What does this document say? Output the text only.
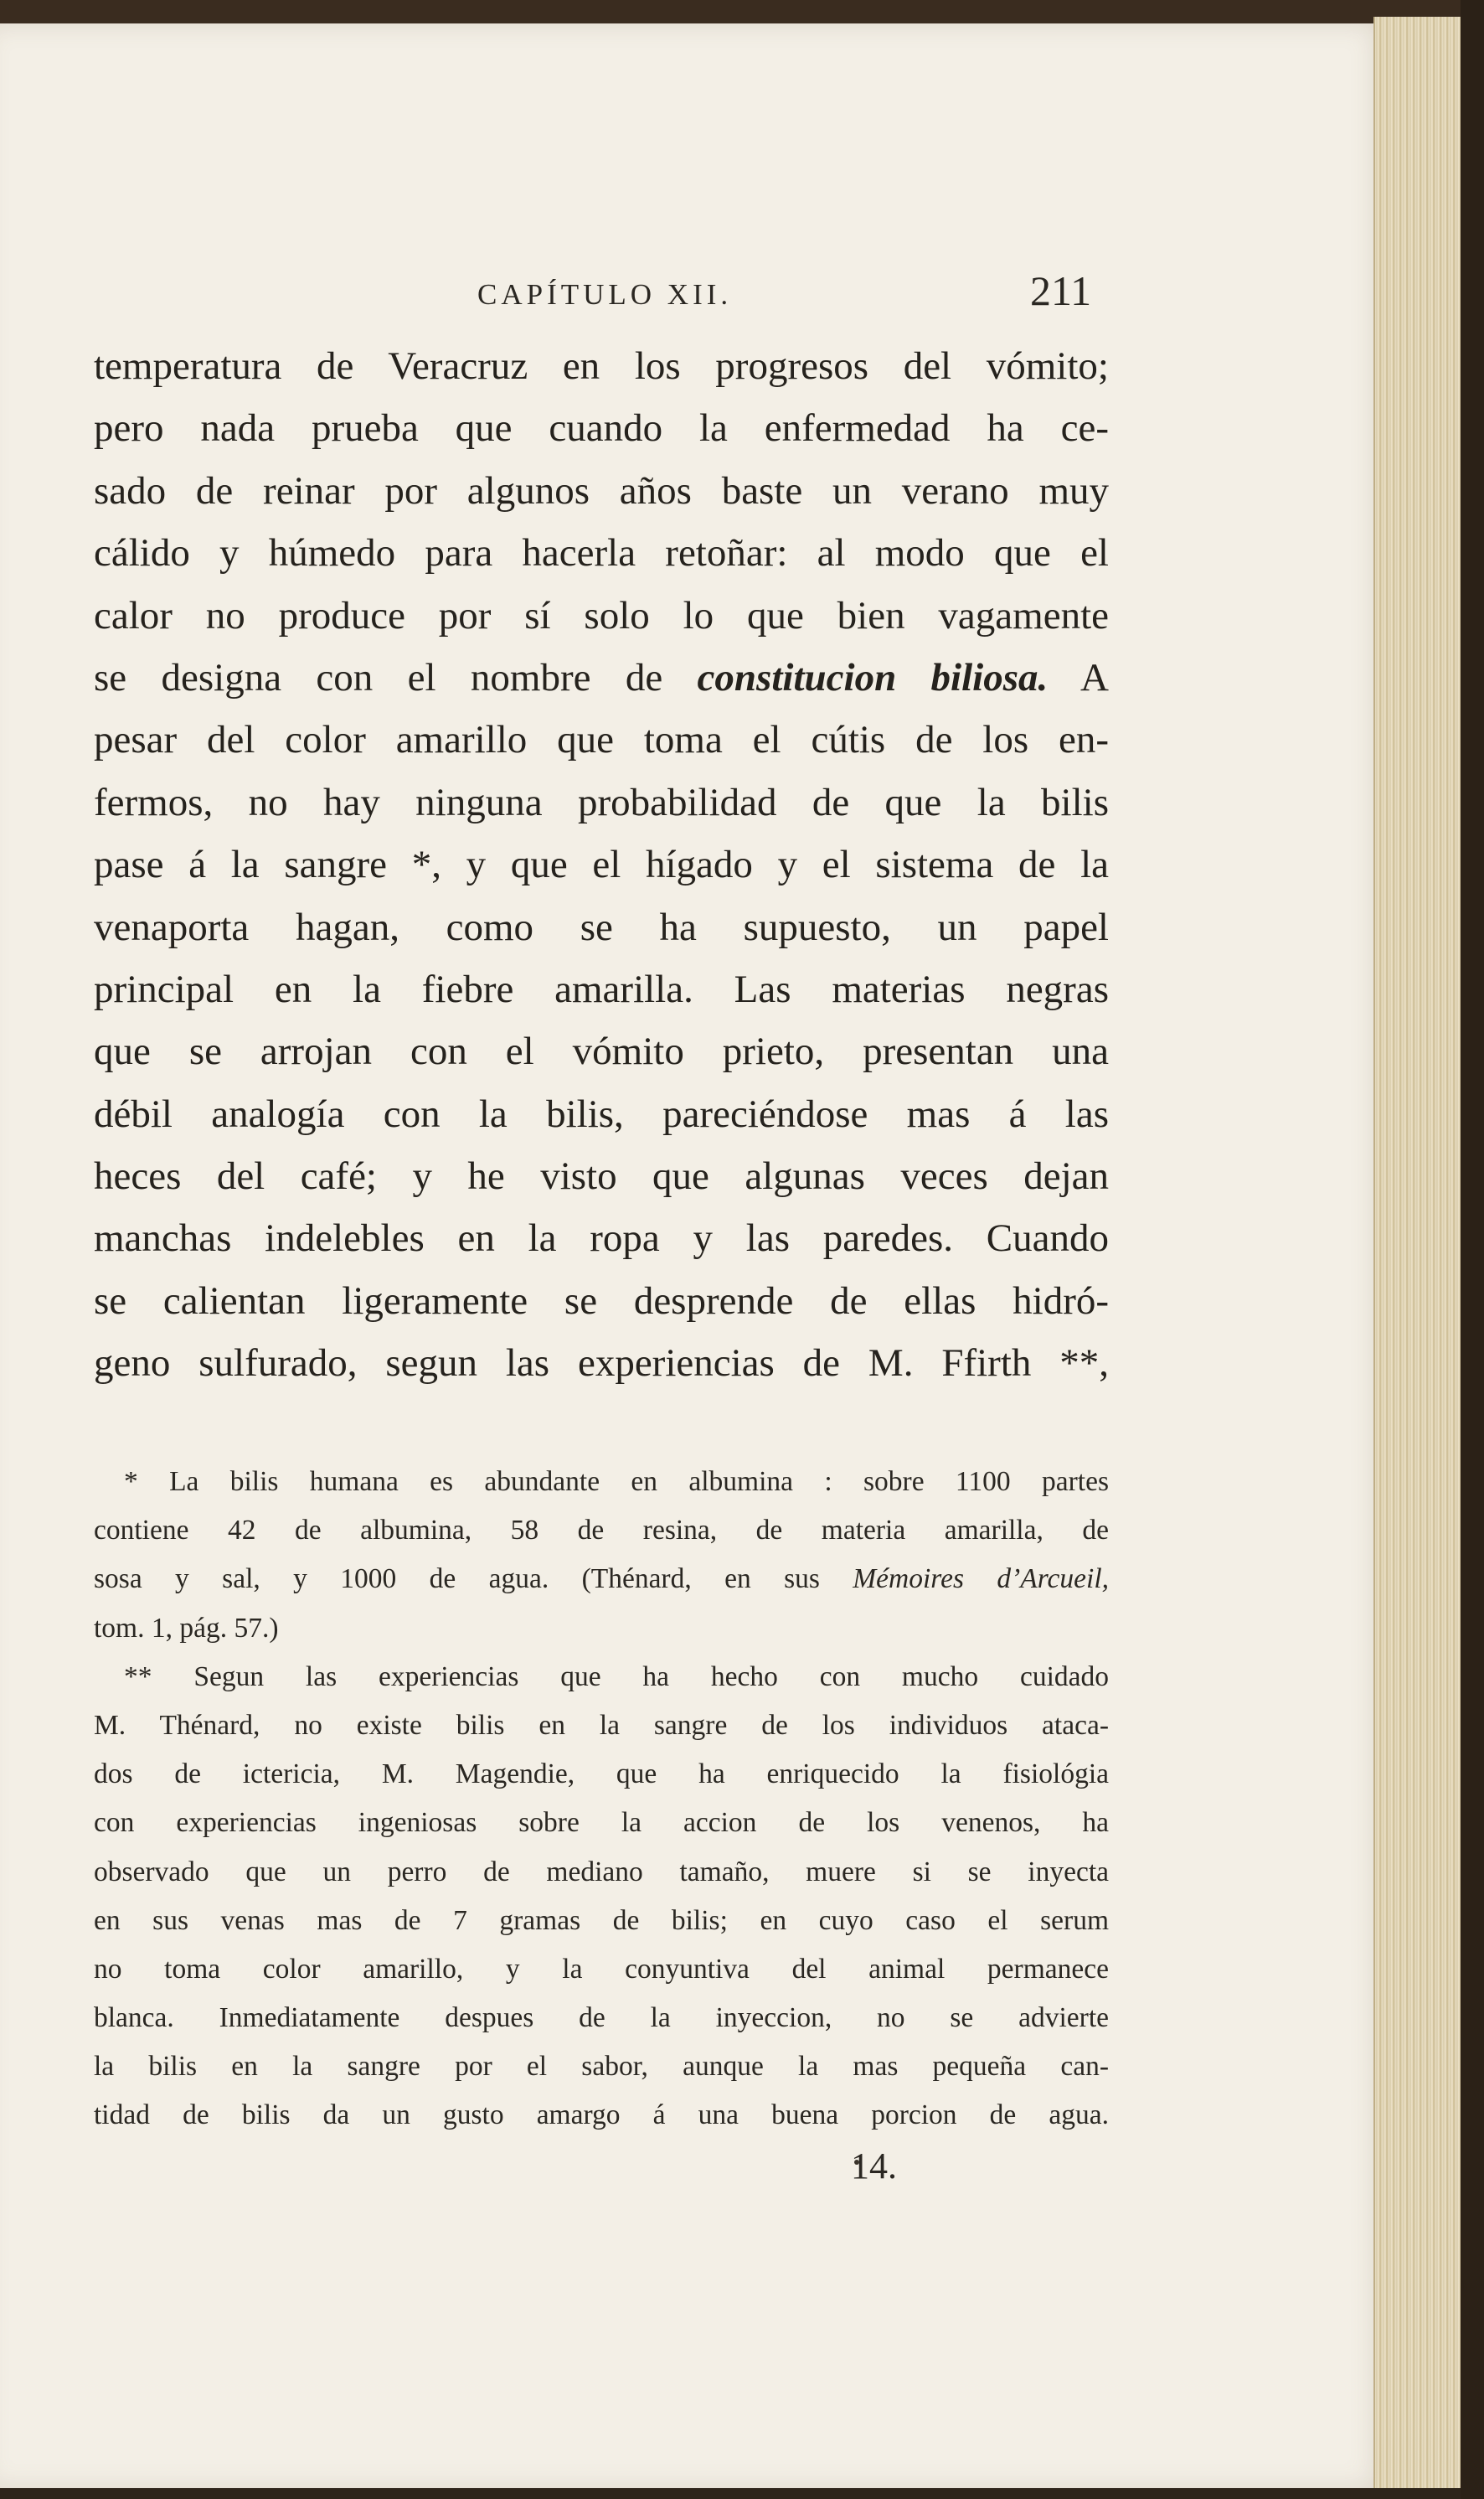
CAPÍTULO XII.	211
temperatura de Veracruz en los progresos del vómito;
pero nada prueba que cuando la enfermedad ha ce-
sado de reinar por algunos años baste un verano muy
cálido y húmedo para hacerla retoñar: al modo que el
calor no produce por sí solo lo que bien vagamente
se designa con el nombre de constitucion biliosa. A
pesar del color amarillo que toma el cútis de los en-
fermos, no hay ninguna probabilidad de que la bilis
pase á la sangre *, y que el hígado y el sistema de la
venaporta hagan, como se ha supuesto, un papel
principal en la fiebre amarilla. Las materias negras
que se arrojan con el vómito prieto, presentan una
débil analogía con la bilis, pareciéndose mas á las
heces del café; y he visto que algunas veces dejan
manchas indelebles en la ropa y las paredes. Cuando
se calientan ligeramente se desprende de ellas hidró-
geno sulfurado, segun las experiencias de M. Ffirth **,
* La bilis humana es abundante en albumina : sobre 1100 partes
contiene 42 de albumina, 58 de resina, de materia amarilla, de
sosa y sal, y 1000 de agua. (Thénard, en sus Mémoires d’Arcueil,
tom. 1, pág. 57.)
** Segun las experiencias que ha hecho con mucho cuidado
M. Thénard, no existe bilis en la sangre de los individuos ataca-
dos de ictericia, M. Magendie, que ha enriquecido la fisiológia
con experiencias ingeniosas sobre la accion de los venenos, ha
observado que un perro de mediano tamaño, muere si se inyecta
en sus venas mas de 7 gramas de bilis; en cuyo caso el serum
no toma color amarillo, y la conyuntiva del animal permanece
blanca. Inmediatamente despues de la inyeccion, no se advierte
la bilis en la sangre por el sabor, aunque la mas pequeña can-
tidad de bilis da un gusto amargo á una buena porcion de agua.
14.
